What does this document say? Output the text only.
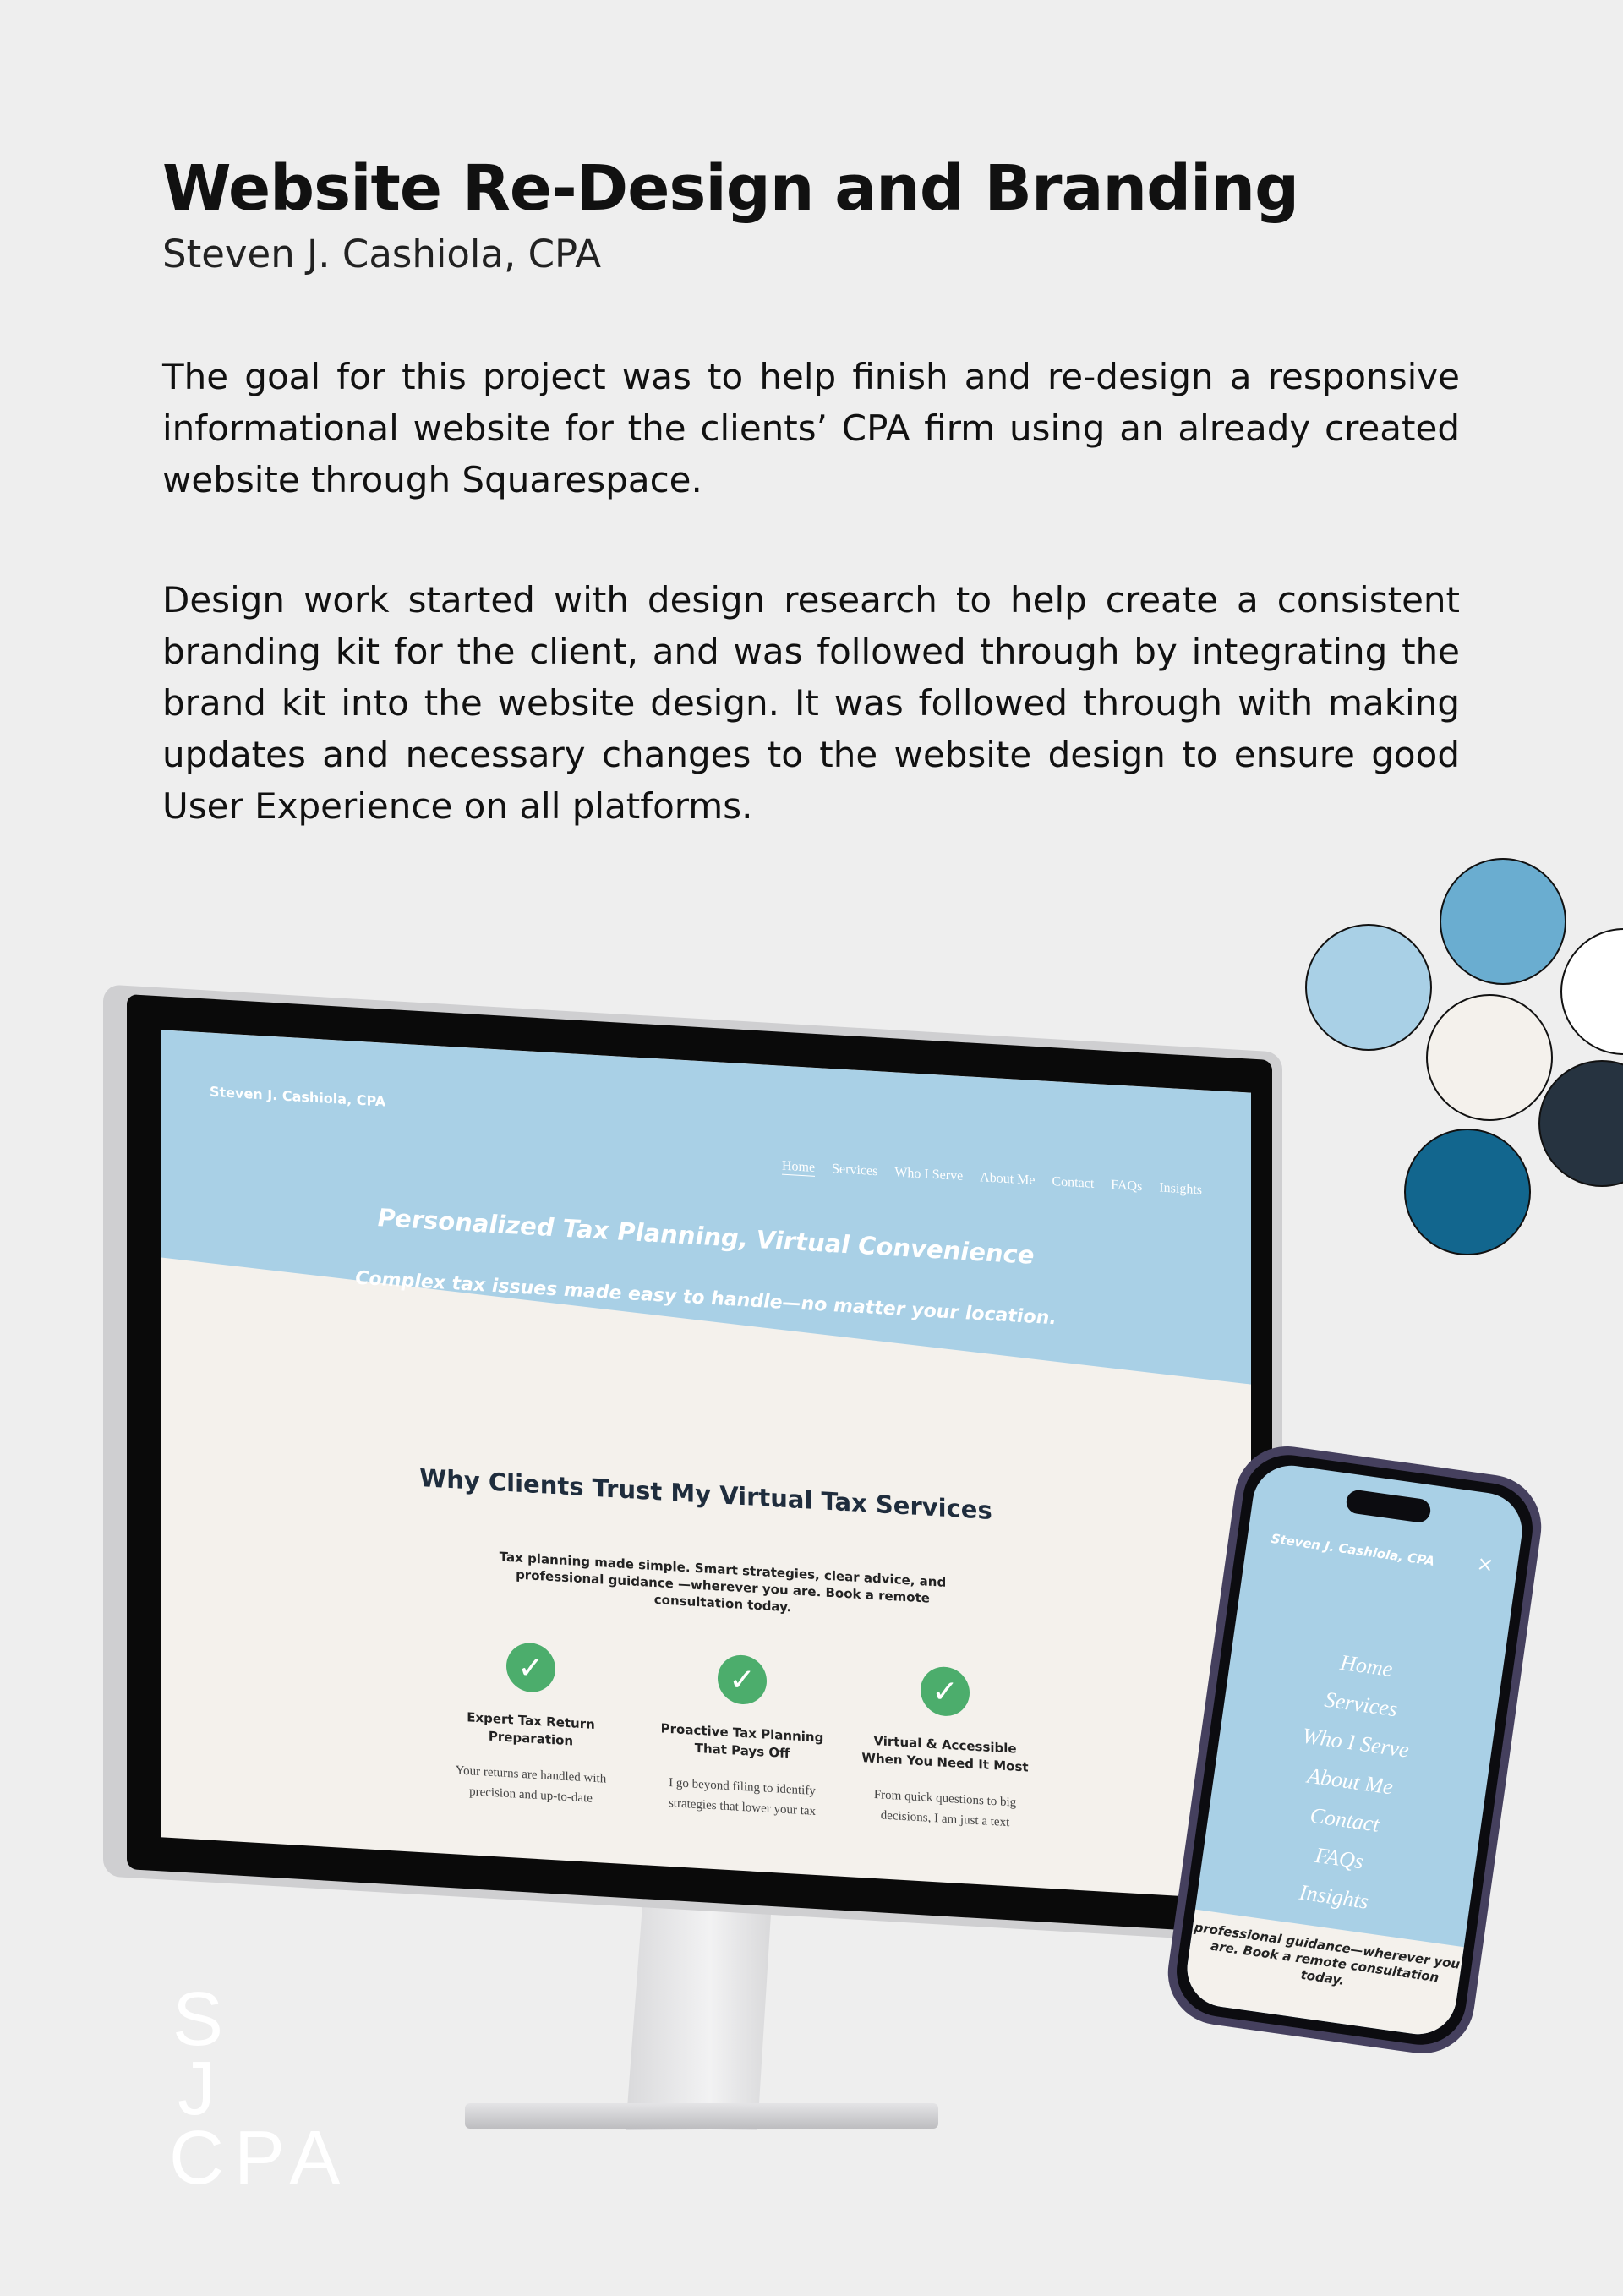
Website Re-Design and Branding
Steven J. Cashiola, CPA
The goal for this project was to help finish and re-design a responsive informational website for the clients’ CPA firm using an already created website through Squarespace.
Design work started with design research to help create a consistent branding kit for the client, and was followed through by integrating the brand kit into the website design. It was followed through with making updates and necessary changes to the website design to ensure good User Experience on all platforms.
Steven J. Cashiola, CPA
Home Services Who I Serve About Me Contact FAQs Insights
Personalized Tax Planning, Virtual Convenience
Complex tax issues made easy to handle—no matter your location.
Why Clients Trust My Virtual Tax Services
Tax planning made simple. Smart strategies, clear advice, and professional guidance —wherever you are. Book a remote consultation today.
✓
Expert Tax Return Preparation
Your returns are handled with precision and up-to-date
✓
Proactive Tax Planning That Pays Off
I go beyond filing to identify strategies that lower your tax
✓
Virtual & Accessible When You Need It Most
From quick questions to big decisions, I am just a text
Steven J. Cashiola, CPA ×
Home
Services
Who I Serve
About Me
Contact
FAQs
Insights
professional guidance—wherever you are. Book a remote consultation today.
S
J
CPA
